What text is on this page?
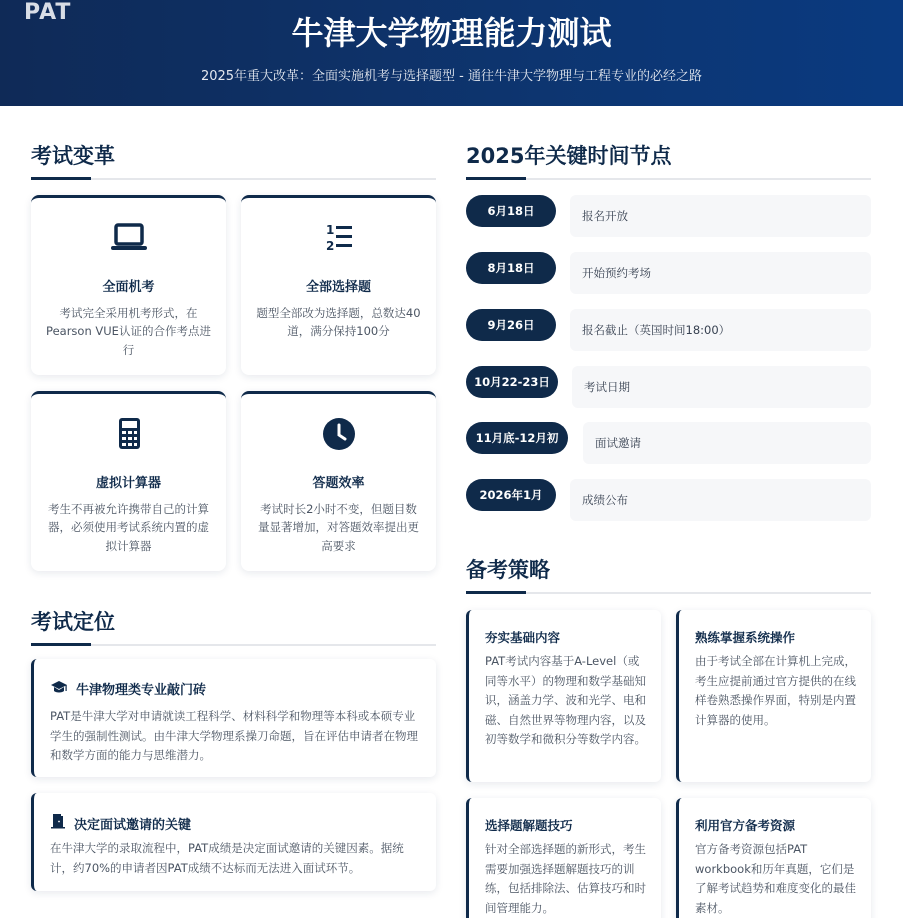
PAT
牛津大学物理能力测试
2025年重大改革：全面实施机考与选择题型 - 通往牛津大学物理与工程专业的必经之路
考试变革
全面机考
考试完全采用机考形式，在Pearson VUE认证的合作考点进行
1
2
全部选择题
题型全部改为选择题，总数达40道，满分保持100分
虚拟计算器
考生不再被允许携带自己的计算器，必须使用考试系统内置的虚拟计算器
答题效率
考试时长2小时不变，但题目数量显著增加，对答题效率提出更高要求
考试定位
牛津物理类专业敲门砖
PAT是牛津大学对申请就读工程科学、材料科学和物理等本科或本硕专业学生的强制性测试。由牛津大学物理系操刀命题，旨在评估申请者在物理和数学方面的能力与思维潜力。
决定面试邀请的关键
在牛津大学的录取流程中，PAT成绩是决定面试邀请的关键因素。据统计，约70%的申请者因PAT成绩不达标而无法进入面试环节。
2025年关键时间节点
6月18日	报名开放
8月18日	开始预约考场
9月26日	报名截止（英国时间18:00）
10月22-23日	考试日期
11月底-12月初	面试邀请
2026年1月	成绩公布
备考策略
夯实基础内容
PAT考试内容基于A-Level（或同等水平）的物理和数学基础知识，涵盖力学、波和光学、电和磁、自然世界等物理内容，以及初等数学和微积分等数学内容。
熟练掌握系统操作
由于考试全部在计算机上完成，考生应提前通过官方提供的在线样卷熟悉操作界面，特别是内置计算器的使用。
选择题解题技巧
针对全部选择题的新形式，考生需要加强选择题解题技巧的训练，包括排除法、估算技巧和时间管理能力。
利用官方备考资源
官方备考资源包括PAT workbook和历年真题，它们是了解考试趋势和难度变化的最佳素材。
